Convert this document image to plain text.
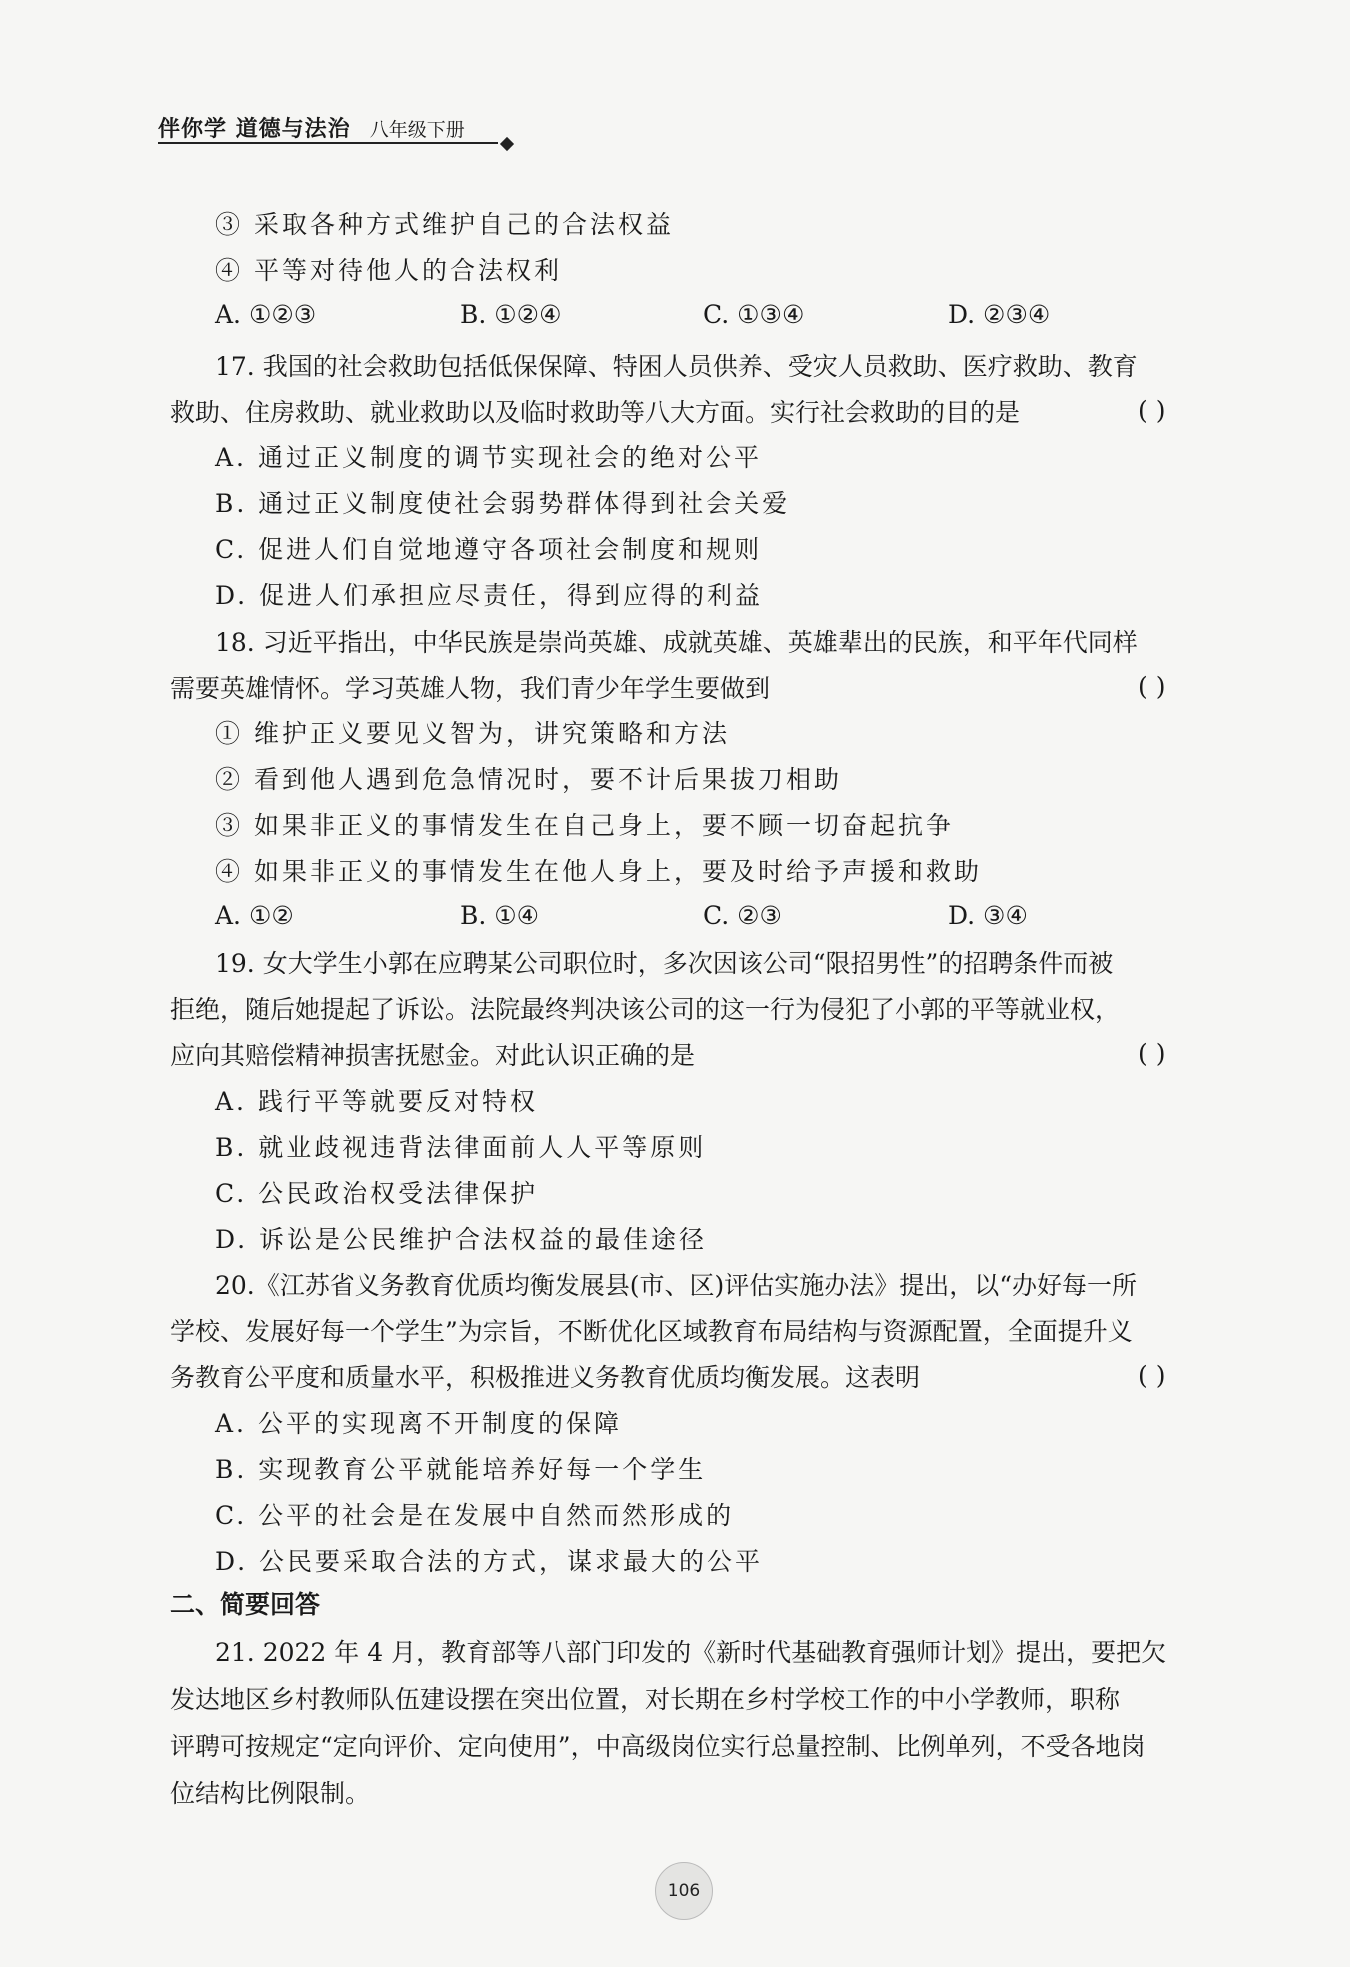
伴你学 道德与法治 八年级下册
③ 采取各种方式维护自己的合法权益
④ 平等对待他人的合法权利
A. ①②③	B. ①②④	C. ①③④	D. ②③④
17. 我国的社会救助包括低保保障、特困人员供养、受灾人员救助、医疗救助、教育
救助、住房救助、就业救助以及临时救助等八大方面。实行社会救助的目的是	( )
A. 通过正义制度的调节实现社会的绝对公平
B. 通过正义制度使社会弱势群体得到社会关爱
C. 促进人们自觉地遵守各项社会制度和规则
D. 促进人们承担应尽责任，得到应得的利益
18. 习近平指出，中华民族是崇尚英雄、成就英雄、英雄辈出的民族，和平年代同样
需要英雄情怀。学习英雄人物，我们青少年学生要做到	( )
① 维护正义要见义智为，讲究策略和方法
② 看到他人遇到危急情况时，要不计后果拔刀相助
③ 如果非正义的事情发生在自己身上，要不顾一切奋起抗争
④ 如果非正义的事情发生在他人身上，要及时给予声援和救助
A. ①②	B. ①④	C. ②③	D. ③④
19. 女大学生小郭在应聘某公司职位时，多次因该公司“限招男性”的招聘条件而被
拒绝，随后她提起了诉讼。法院最终判决该公司的这一行为侵犯了小郭的平等就业权，
应向其赔偿精神损害抚慰金。对此认识正确的是	( )
A. 践行平等就要反对特权
B. 就业歧视违背法律面前人人平等原则
C. 公民政治权受法律保护
D. 诉讼是公民维护合法权益的最佳途径
20.《江苏省义务教育优质均衡发展县(市、区)评估实施办法》提出，以“办好每一所
学校、发展好每一个学生”为宗旨，不断优化区域教育布局结构与资源配置，全面提升义
务教育公平度和质量水平，积极推进义务教育优质均衡发展。这表明	( )
A. 公平的实现离不开制度的保障
B. 实现教育公平就能培养好每一个学生
C. 公平的社会是在发展中自然而然形成的
D. 公民要采取合法的方式，谋求最大的公平
二、简要回答
21. 2022 年 4 月，教育部等八部门印发的《新时代基础教育强师计划》提出，要把欠
发达地区乡村教师队伍建设摆在突出位置，对长期在乡村学校工作的中小学教师，职称
评聘可按规定“定向评价、定向使用”，中高级岗位实行总量控制、比例单列，不受各地岗
位结构比例限制。
106
